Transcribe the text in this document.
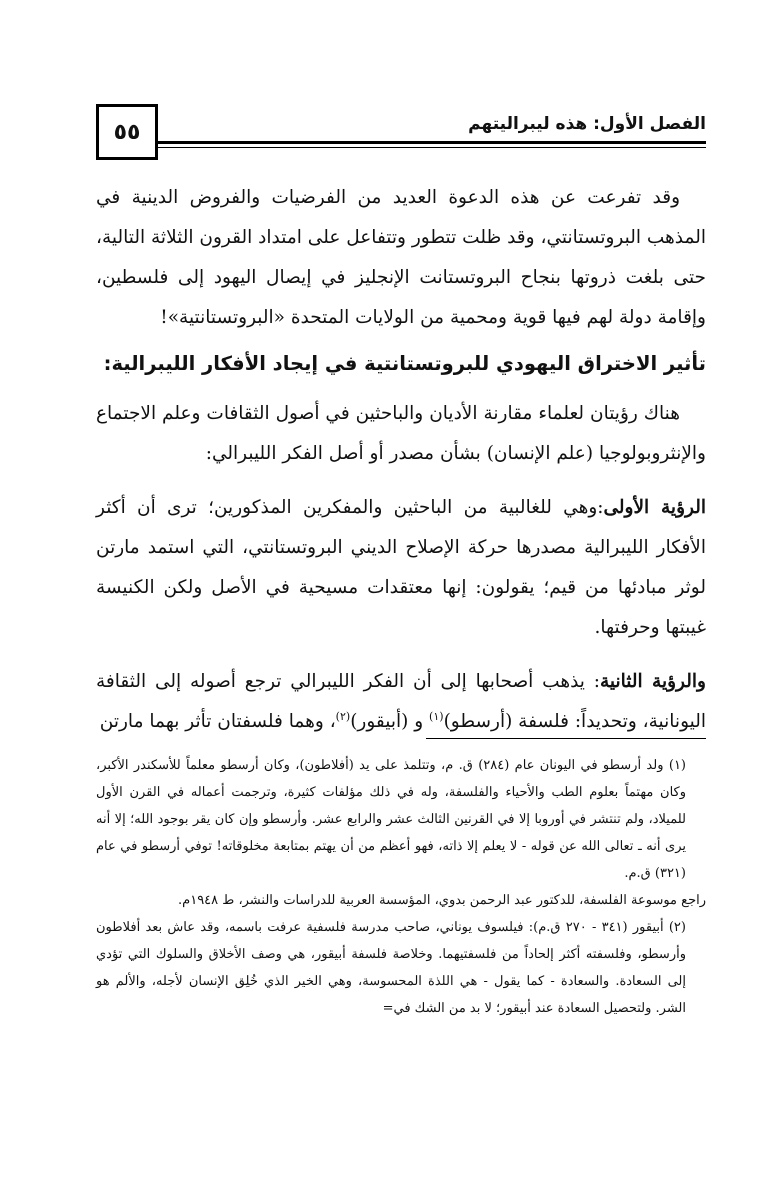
الفصل الأول: هذه ليبراليتهم
٥٥

وقد تفرعت عن هذه الدعوة العديد من الفرضيات والفروض الدينية في المذهب البروتستانتي، وقد ظلت تتطور وتتفاعل على امتداد القرون الثلاثة التالية، حتى بلغت ذروتها بنجاح البروتستانت الإنجليز في إيصال اليهود إلى فلسطين، وإقامة دولة لهم فيها قوية ومحمية من الولايات المتحدة «البروتستانتية»!

تأثير الاختراق اليهودي للبروتستانتية في إيجاد الأفكار الليبرالية:

هناك رؤيتان لعلماء مقارنة الأديان والباحثين في أصول الثقافات وعلم الاجتماع والإنثروبولوجيا (علم الإنسان) بشأن مصدر أو أصل الفكر الليبرالي:

الرؤية الأولى:وهي للغالبية من الباحثين والمفكرين المذكورين؛ ترى أن أكثر الأفكار الليبرالية مصدرها حركة الإصلاح الديني البروتستانتي، التي استمد مارتن لوثر مبادئها من قيم؛ يقولون: إنها معتقدات مسيحية في الأصل ولكن الكنيسة غيبتها وحرفتها.

والرؤية الثانية: يذهب أصحابها إلى أن الفكر الليبرالي ترجع أصوله إلى الثقافة اليونانية، وتحديداً: فلسفة (أرسطو)$^{(١)}$ و (أبيقور)$^{(٢)}$، وهما فلسفتان تأثر بهما مارتن

(١) ولد أرسطو في اليونان عام (٢٨٤) ق. م، وتتلمذ على يد (أفلاطون)، وكان أرسطو معلماً للأسكندر الأكبر، وكان مهتماً بعلوم الطب والأحياء والفلسفة، وله في ذلك مؤلفات كثيرة، وترجمت أعماله في القرن الأول للميلاد، ولم تنتشر في أوروبا إلا في القرنين الثالث عشر والرابع عشر. وأرسطو وإن كان يقر بوجود الله؛ إلا أنه يرى أنه ـ تعالى الله عن قوله - لا يعلم إلا ذاته، فهو أعظم من أن يهتم بمتابعة مخلوقاته! توفي أرسطو في عام (٣٢١) ق.م.

راجع موسوعة الفلسفة، للدكتور عبد الرحمن بدوي، المؤسسة العربية للدراسات والنشر، ط ١٩٤٨م.

(٢) أبيقور (٣٤١ - ٢٧٠ ق.م): فيلسوف يوناني، صاحب مدرسة فلسفية عرفت باسمه، وقد عاش بعد أفلاطون وأرسطو، وفلسفته أكثر إلحاداً من فلسفتيهما. وخلاصة فلسفة أبيقور، هي وصف الأخلاق والسلوك التي تؤدي إلى السعادة. والسعادة - كما يقول - هي اللذة المحسوسة، وهي الخير الذي خُلِق الإنسان لأجله، والألم هو الشر. ولتحصيل السعادة عند أبيقور؛ لا بد من الشك في=
